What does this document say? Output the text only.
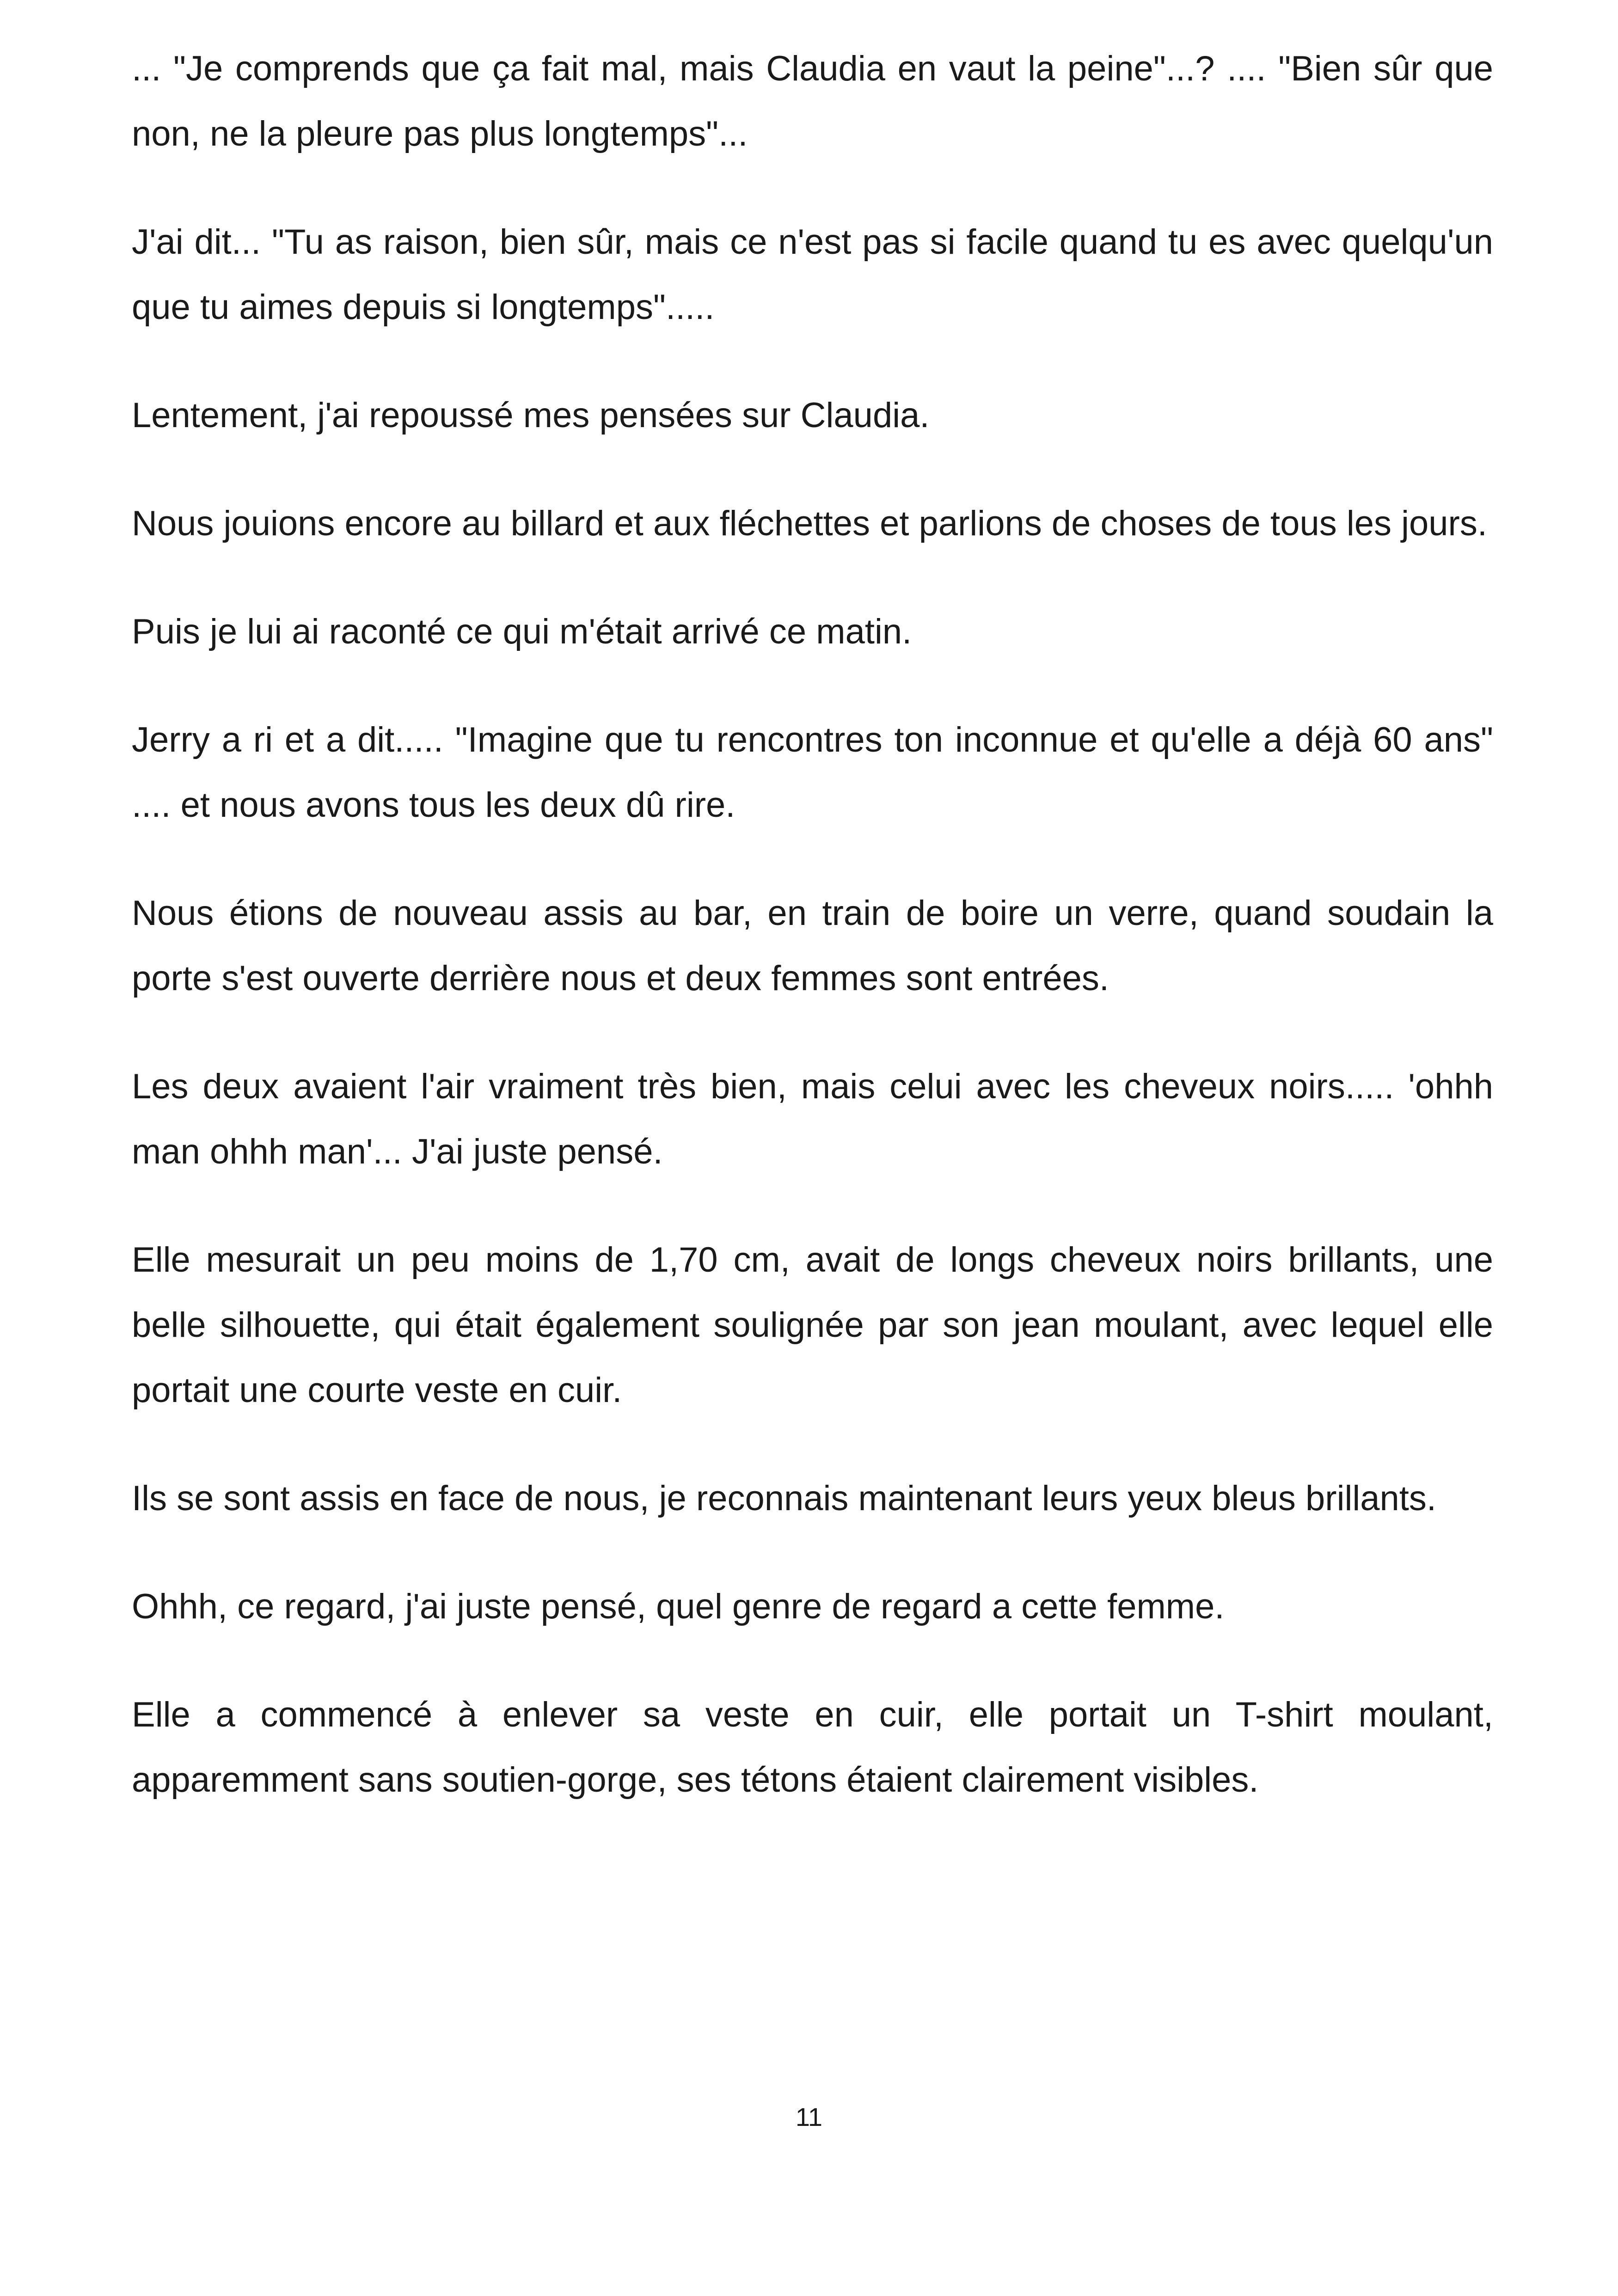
... "Je comprends que ça fait mal, mais Claudia en vaut la peine"...? .... "Bien sûr que non, ne la pleure pas plus longtemps"...

J'ai dit... "Tu as raison, bien sûr, mais ce n'est pas si facile quand tu es avec quelqu'un que tu aimes depuis si longtemps".....

Lentement, j'ai repoussé mes pensées sur Claudia.

Nous jouions encore au billard et aux fléchettes et parlions de choses de tous les jours.

Puis je lui ai raconté ce qui m'était arrivé ce matin.

Jerry a ri et a dit..... "Imagine que tu rencontres ton inconnue et qu'elle a déjà 60 ans" .... et nous avons tous les deux dû rire.

Nous étions de nouveau assis au bar, en train de boire un verre, quand soudain la porte s'est ouverte derrière nous et deux femmes sont entrées.

Les deux avaient l'air vraiment très bien, mais celui avec les cheveux noirs..... 'ohhh man ohhh man'... J'ai juste pensé.

Elle mesurait un peu moins de 1,70 cm, avait de longs cheveux noirs brillants, une belle silhouette, qui était également soulignée par son jean moulant, avec lequel elle portait une courte veste en cuir.

Ils se sont assis en face de nous, je reconnais maintenant leurs yeux bleus brillants.

Ohhh, ce regard, j'ai juste pensé, quel genre de regard a cette femme.

Elle a commencé à enlever sa veste en cuir, elle portait un T-shirt moulant, apparemment sans soutien-gorge, ses tétons étaient clairement visibles.

11
